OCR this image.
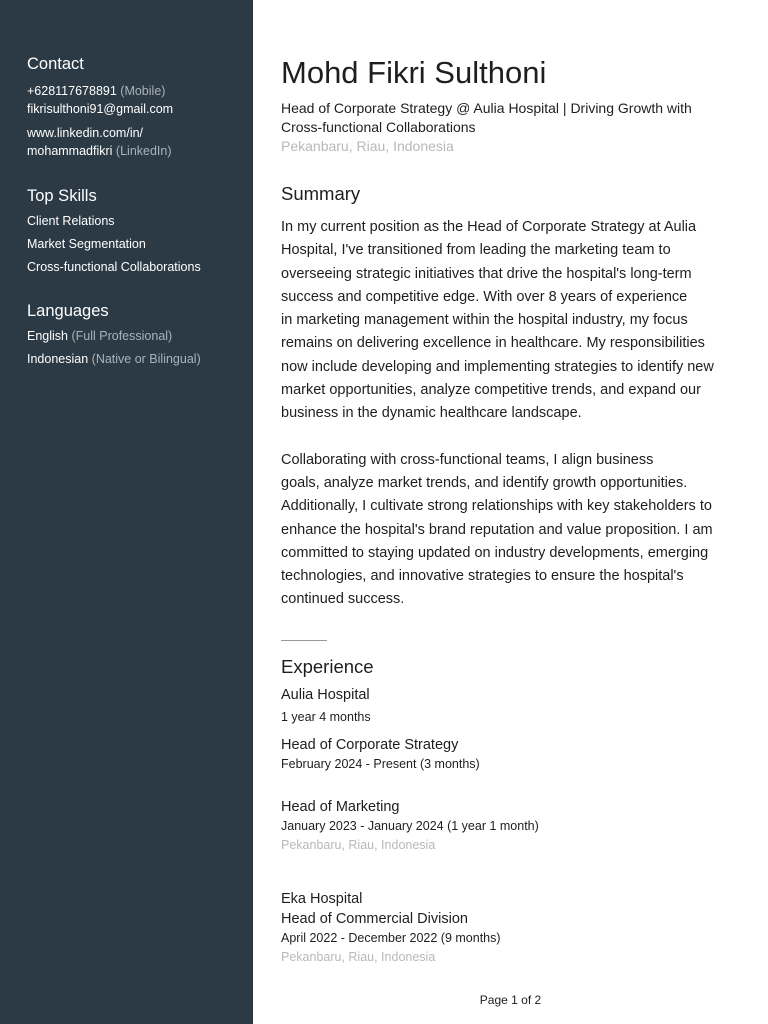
Contact
+628117678891 (Mobile)
fikrisulthoni91@gmail.com
www.linkedin.com/in/
mohammadfikri (LinkedIn)
Top Skills
Client Relations
Market Segmentation
Cross-functional Collaborations
Languages
English (Full Professional)
Indonesian (Native or Bilingual)
Mohd Fikri Sulthoni
Head of Corporate Strategy @ Aulia Hospital | Driving Growth with
Cross-functional Collaborations
Pekanbaru, Riau, Indonesia
Summary
In my current position as the Head of Corporate Strategy at Aulia
Hospital, I've transitioned from leading the marketing team to
overseeing strategic initiatives that drive the hospital's long-term
success and competitive edge. With over 8 years of experience
in marketing management within the hospital industry, my focus
remains on delivering excellence in healthcare. My responsibilities
now include developing and implementing strategies to identify new
market opportunities, analyze competitive trends, and expand our
business in the dynamic healthcare landscape.
Collaborating with cross-functional teams, I align business
goals, analyze market trends, and identify growth opportunities.
Additionally, I cultivate strong relationships with key stakeholders to
enhance the hospital's brand reputation and value proposition. I am
committed to staying updated on industry developments, emerging
technologies, and innovative strategies to ensure the hospital's
continued success.
Experience
Aulia Hospital
1 year 4 months
Head of Corporate Strategy
February 2024 - Present (3 months)
Head of Marketing
January 2023 - January 2024 (1 year 1 month)
Pekanbaru, Riau, Indonesia
Eka Hospital
Head of Commercial Division
April 2022 - December 2022 (9 months)
Pekanbaru, Riau, Indonesia
Page 1 of 2
